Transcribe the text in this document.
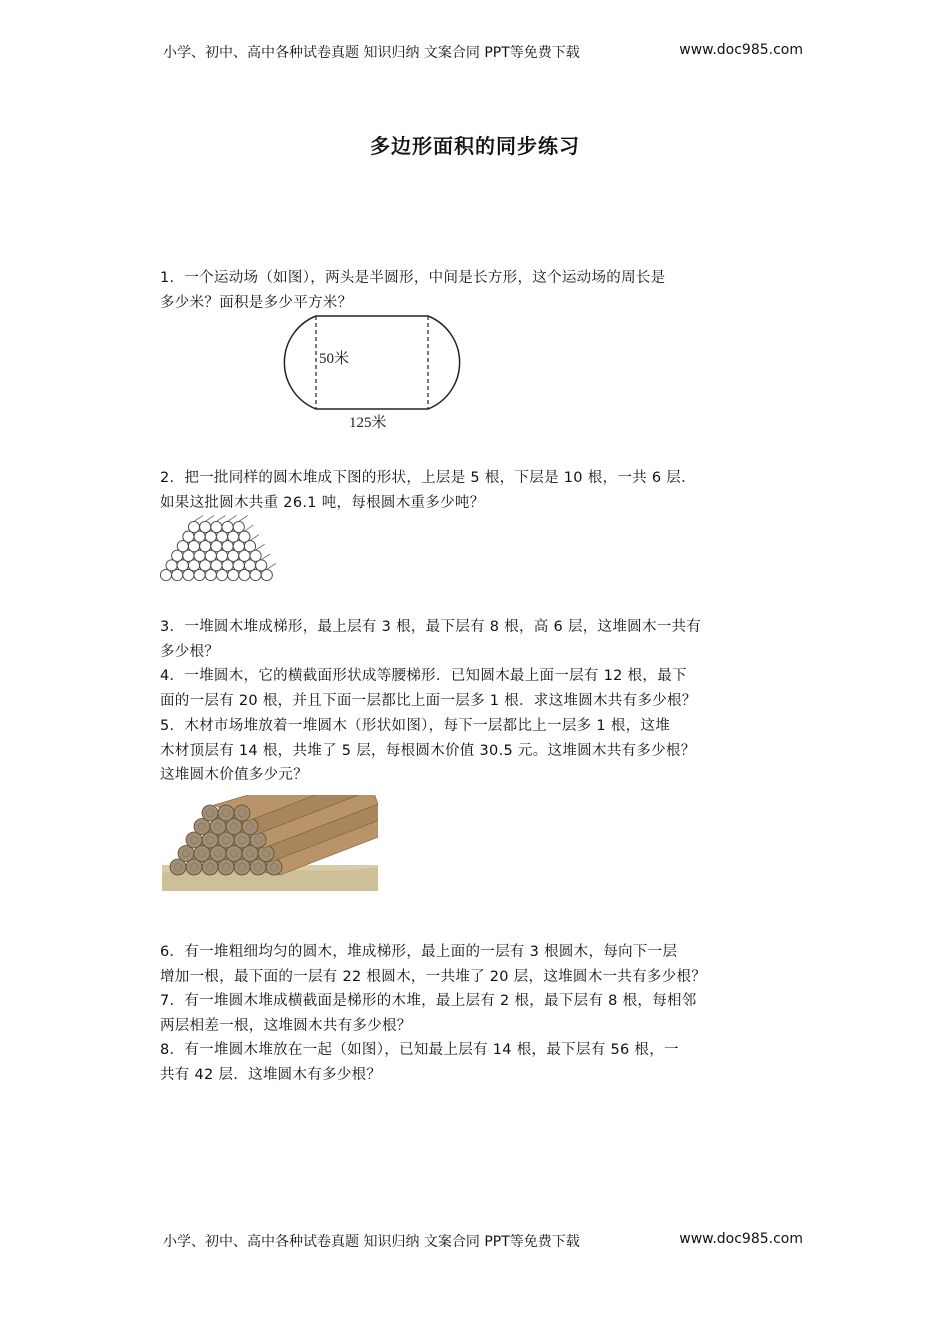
小学、初中、高中各种试卷真题 知识归纳 文案合同 PPT等免费下载	www.doc985.com
多边形面积的同步练习

1．一个运动场（如图），两头是半圆形，中间是长方形，这个运动场的周长是
多少米？面积是多少平方米？

50米
125米

2．把一批同样的圆木堆成下图的形状，上层是 5 根，下层是 10 根，一共 6 层．
如果这批圆木共重 26.1 吨，每根圆木重多少吨？

3．一堆圆木堆成梯形，最上层有 3 根，最下层有 8 根，高 6 层，这堆圆木一共有
多少根？

4．一堆圆木，它的横截面形状成等腰梯形．已知圆木最上面一层有 12 根，最下
面的一层有 20 根，并且下面一层都比上面一层多 1 根．求这堆圆木共有多少根？

5．木材市场堆放着一堆圆木（形状如图），每下一层都比上一层多 1 根，这堆
木材顶层有 14 根，共堆了 5 层，每根圆木价值 30.5 元。这堆圆木共有多少根？
这堆圆木价值多少元？

6．有一堆粗细均匀的圆木，堆成梯形，最上面的一层有 3 根圆木，每向下一层
增加一根，最下面的一层有 22 根圆木，一共堆了 20 层，这堆圆木一共有多少根？

7．有一堆圆木堆成横截面是梯形的木堆，最上层有 2 根，最下层有 8 根，每相邻
两层相差一根，这堆圆木共有多少根？

8．有一堆圆木堆放在一起（如图），已知最上层有 14 根，最下层有 56 根，一
共有 42 层．这堆圆木有多少根？

小学、初中、高中各种试卷真题 知识归纳 文案合同 PPT等免费下载	www.doc985.com
